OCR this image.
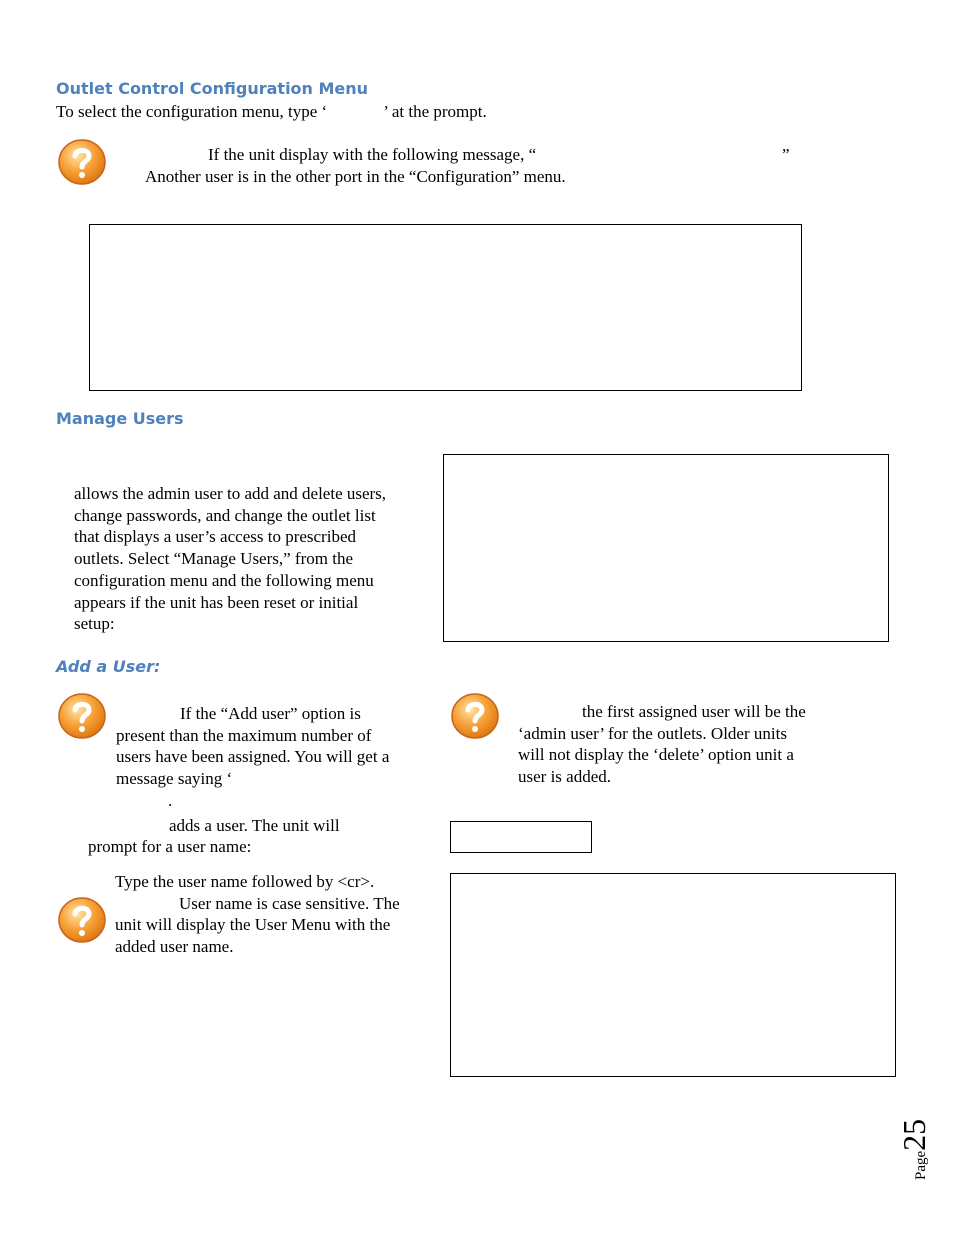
Outlet Control Configuration Menu
To select the configuration menu, type ‘	’ at the prompt.
If the unit display with the following message, “	”
Another user is in the other port in the “Configuration” menu.
Manage Users
allows the admin user to add and delete users,
change passwords, and change the outlet list
that displays a user’s access to prescribed
outlets. Select “Manage Users,” from the
configuration menu and the following menu
appears if the unit has been reset or initial
setup:
Add a User:
If the “Add user” option is
present than the maximum number of
users have been assigned. You will get a
message saying ‘
.
adds a user. The unit will
prompt for a user name:
Type the user name followed by <cr>.
User name is case sensitive. The
unit will display the User Menu with the
added user name.
the first assigned user will be the
‘admin user’ for the outlets. Older units
will not display the ‘delete’ option unit a
user is added.
Page25
